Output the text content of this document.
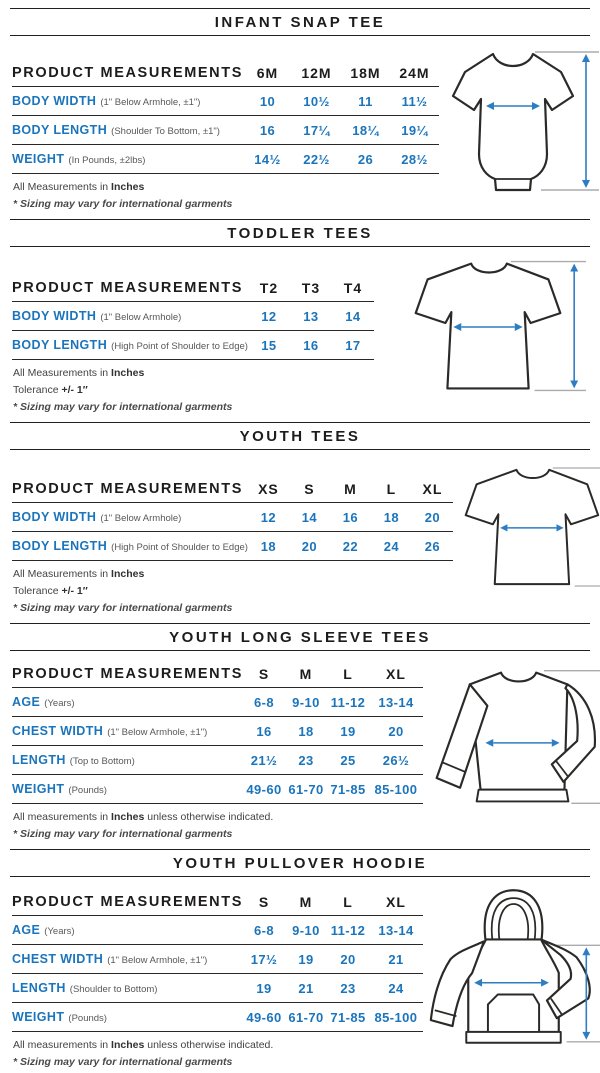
INFANT SNAP TEE
PRODUCT MEASUREMENTS	6M	12M	18M	24M
BODY WIDTH (1" Below Armhole, ±1")	10	10½	11	11½
BODY LENGTH (Shoulder To Bottom, ±1")	16	17¼	18¼	19¼
WEIGHT (In Pounds, ±2lbs)	14½	22½	26	28½

All Measurements in Inches

* Sizing may vary for international garments

TODDLER TEES
PRODUCT MEASUREMENTS	T2	T3	T4
BODY WIDTH (1" Below Armhole)	12	13	14
BODY LENGTH (High Point of Shoulder to Edge)	15	16	17

All Measurements in Inches

Tolerance +/- 1″

* Sizing may vary for international garments

YOUTH TEES
PRODUCT MEASUREMENTS	XS	S	M	L	XL
BODY WIDTH (1" Below Armhole)	12	14	16	18	20
BODY LENGTH (High Point of Shoulder to Edge)	18	20	22	24	26

All Measurements in Inches

Tolerance +/- 1″

* Sizing may vary for international garments

YOUTH LONG SLEEVE TEES
PRODUCT MEASUREMENTS	S	M	L	XL
AGE (Years)	6-8	9-10	11-12	13-14
CHEST WIDTH (1" Below Armhole, ±1")	16	18	19	20
LENGTH (Top to Bottom)	21½	23	25	26½
WEIGHT (Pounds)	49-60	61-70	71-85	85-100

All measurements in Inches unless otherwise indicated.

* Sizing may vary for international garments

YOUTH PULLOVER HOODIE
PRODUCT MEASUREMENTS	S	M	L	XL
AGE (Years)	6-8	9-10	11-12	13-14
CHEST WIDTH (1" Below Armhole, ±1")	17½	19	20	21
LENGTH (Shoulder to Bottom)	19	21	23	24
WEIGHT (Pounds)	49-60	61-70	71-85	85-100

All measurements in Inches unless otherwise indicated.

* Sizing may vary for international garments
